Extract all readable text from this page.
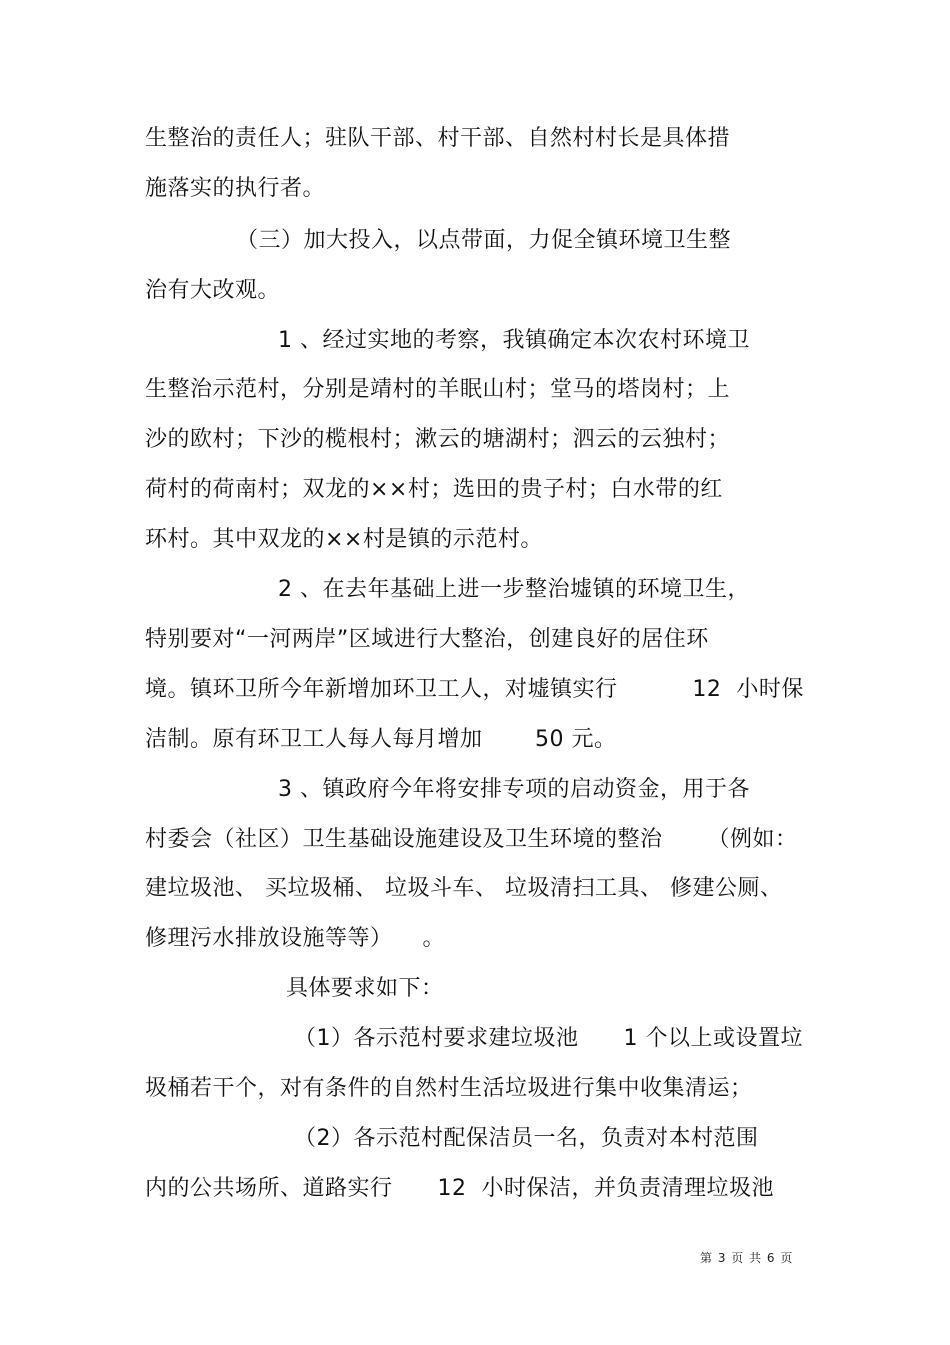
生整治的责任人；驻队干部、村干部、自然村村长是具体措
施落实的执行者。
（三）加大投入，以点带面，力促全镇环境卫生整
治有大改观。
1 、经过实地的考察，我镇确定本次农村环境卫
生整治示范村，分别是靖村的羊眠山村；堂马的塔岗村；上
沙的欧村；下沙的榄根村；漱云的塘湖村；泗云的云独村；
荷村的荷南村；双龙的××村；选田的贵子村；白水带的红
环村。其中双龙的××村是镇的示范村。
2 、在去年基础上进一步整治墟镇的环境卫生，
特别要对“一河两岸”区域进行大整治，创建良好的居住环
境。镇环卫所今年新增加环卫工人，对墟镇实行          12  小时保
洁制。原有环卫工人每人每月增加       50 元。
3 、镇政府今年将安排专项的启动资金，用于各
村委会（社区）卫生基础设施建设及卫生环境的整治      （例如：
建垃圾池、 买垃圾桶、 垃圾斗车、 垃圾清扫工具、 修建公厕、
修理污水排放设施等等）    。
具体要求如下：
（1）各示范村要求建垃圾池      1 个以上或设置垃
圾桶若干个，对有条件的自然村生活垃圾进行集中收集清运；
（2）各示范村配保洁员一名，负责对本村范围
内的公共场所、道路实行      12  小时保洁，并负责清理垃圾池
第 3 页 共 6 页
